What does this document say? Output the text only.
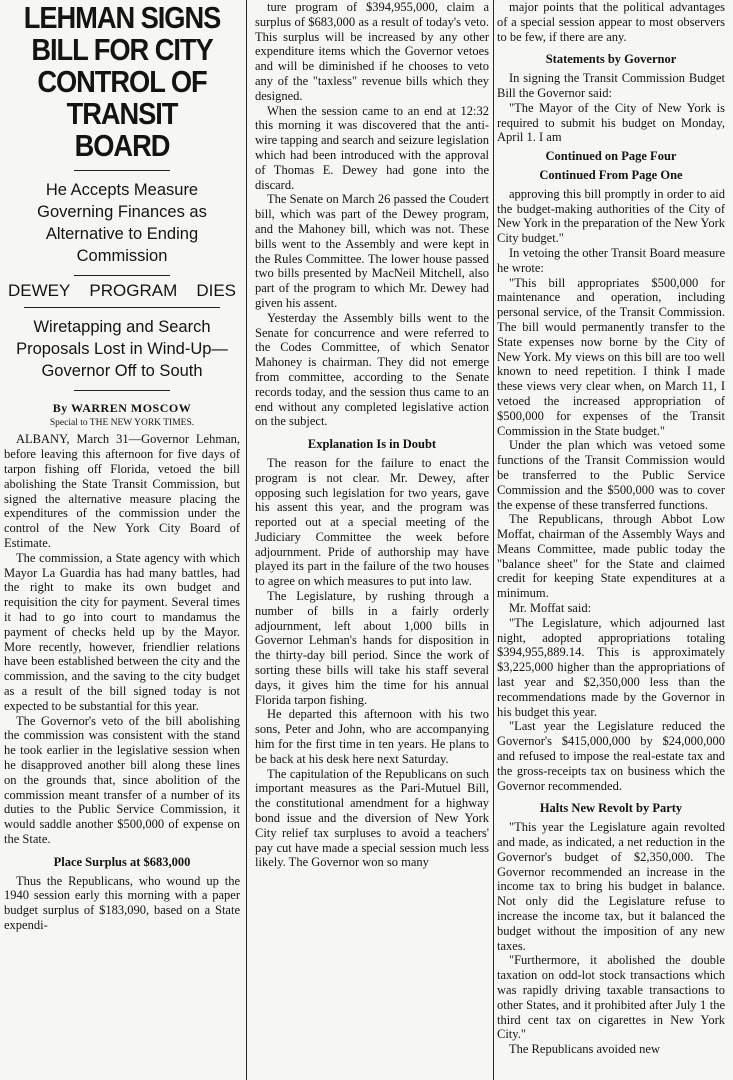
LEHMAN SIGNS BILL FOR CITY CONTROL OF TRANSIT BOARD
He Accepts Measure Governing Finances as Alternative to Ending Commission
DEWEY PROGRAM DIES
Wiretapping and Search Proposals Lost in Wind-Up— Governor Off to South
By WARREN MOSCOW
Special to THE NEW YORK TIMES.

ALBANY, March 31—Governor Lehman, before leaving this afternoon for five days of tarpon fishing off Florida, vetoed the bill abolishing the State Transit Commission, but signed the alternative measure placing the expenditures of the commission under the control of the New York City Board of Estimate.

The commission, a State agency with which Mayor La Guardia has had many battles, had the right to make its own budget and requisition the city for payment. Several times it had to go into court to mandamus the payment of checks held up by the Mayor. More recently, however, friendlier relations have been established between the city and the commission, and the saving to the city budget as a result of the bill signed today is not expected to be substantial for this year.

The Governor's veto of the bill abolishing the commission was consistent with the stand he took earlier in the legislative session when he disapproved another bill along these lines on the grounds that, since abolition of the commission meant transfer of a number of its duties to the Public Service Commission, it would saddle another $500,000 of expense on the State.

Place Surplus at $683,000

Thus the Republicans, who wound up the 1940 session early this morning with a paper budget surplus of $183,090, based on a State expendi-

ture program of $394,955,000, claim a surplus of $683,000 as a result of today's veto. This surplus will be increased by any other expenditure items which the Governor vetoes and will be diminished if he chooses to veto any of the "taxless" revenue bills which they designed.

When the session came to an end at 12:32 this morning it was discovered that the anti-wire tapping and search and seizure legislation which had been introduced with the approval of Thomas E. Dewey had gone into the discard.

The Senate on March 26 passed the Coudert bill, which was part of the Dewey program, and the Mahoney bill, which was not. These bills went to the Assembly and were kept in the Rules Committee. The lower house passed two bills presented by MacNeil Mitchell, also part of the program to which Mr. Dewey had given his assent.

Yesterday the Assembly bills went to the Senate for concurrence and were referred to the Codes Committee, of which Senator Mahoney is chairman. They did not emerge from committee, according to the Senate records today, and the session thus came to an end without any completed legislative action on the subject.

Explanation Is in Doubt

The reason for the failure to enact the program is not clear. Mr. Dewey, after opposing such legislation for two years, gave his assent this year, and the program was reported out at a special meeting of the Judiciary Committee the week before adjournment. Pride of authorship may have played its part in the failure of the two houses to agree on which measures to put into law.

The Legislature, by rushing through a number of bills in a fairly orderly adjournment, left about 1,000 bills in Governor Lehman's hands for disposition in the thirty-day bill period. Since the work of sorting these bills will take his staff several days, it gives him the time for his annual Florida tarpon fishing.

He departed this afternoon with his two sons, Peter and John, who are accompanying him for the first time in ten years. He plans to be back at his desk here next Saturday.

The capitulation of the Republicans on such important measures as the Pari-Mutuel Bill, the constitutional amendment for a highway bond issue and the diversion of New York City relief tax surpluses to avoid a teachers' pay cut have made a special session much less likely. The Governor won so many

major points that the political advantages of a special session appear to most observers to be few, if there are any.

Statements by Governor

In signing the Transit Commission Budget Bill the Governor said:

"The Mayor of the City of New York is required to submit his budget on Monday, April 1. I am

Continued on Page Four

Continued From Page One

approving this bill promptly in order to aid the budget-making authorities of the City of New York in the preparation of the New York City budget."

In vetoing the other Transit Board measure he wrote:

"This bill appropriates $500,000 for maintenance and operation, including personal service, of the Transit Commission. The bill would permanently transfer to the State expenses now borne by the City of New York. My views on this bill are too well known to need repetition. I think I made these views very clear when, on March 11, I vetoed the increased appropriation of $500,000 for expenses of the Transit Commission in the State budget."

Under the plan which was vetoed some functions of the Transit Commission would be transferred to the Public Service Commission and the $500,000 was to cover the expense of these transferred functions.

The Republicans, through Abbot Low Moffat, chairman of the Assembly Ways and Means Committee, made public today the "balance sheet" for the State and claimed credit for keeping State expenditures at a minimum.

Mr. Moffat said:

"The Legislature, which adjourned last night, adopted appropriations totaling $394,955,889.14. This is approximately $3,225,000 higher than the appropriations of last year and $2,350,000 less than the recommendations made by the Governor in his budget this year.

"Last year the Legislature reduced the Governor's $415,000,000 by $24,000,000 and refused to impose the real-estate tax and the gross-receipts tax on business which the Governor recommended.

Halts New Revolt by Party

"This year the Legislature again revolted and made, as indicated, a net reduction in the Governor's budget of $2,350,000. The Governor recommended an increase in the income tax to bring his budget in balance. Not only did the Legislature refuse to increase the income tax, but it balanced the budget without the imposition of any new taxes.

"Furthermore, it abolished the double taxation on odd-lot stock transactions which was rapidly driving taxable transactions to other States, and it prohibited after July 1 the third cent tax on cigarettes in New York City."

The Republicans avoided new
